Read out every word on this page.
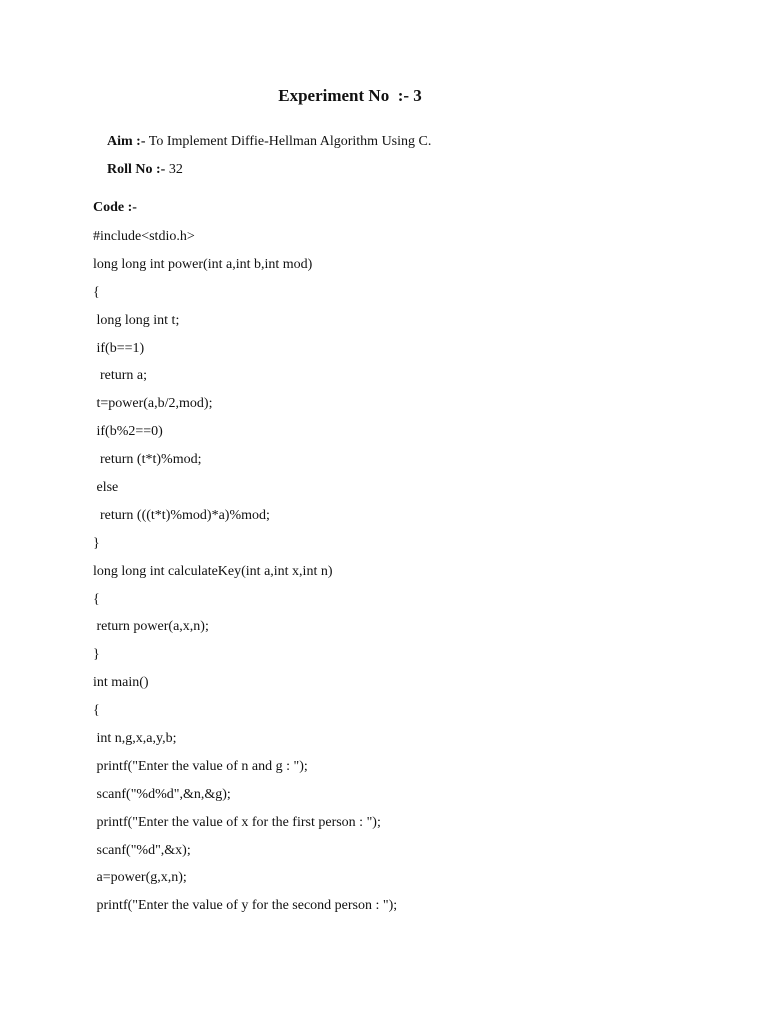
Experiment No  :- 3

Aim :- To Implement Diffie-Hellman Algorithm Using C.

Roll No :- 32

Code :-
#include<stdio.h>
long long int power(int a,int b,int mod)
{
long long int t;
if(b==1)
return a;
t=power(a,b/2,mod);
if(b%2==0)
return (t*t)%mod;
else
return (((t*t)%mod)*a)%mod;
}
long long int calculateKey(int a,int x,int n)
{
return power(a,x,n);
}
int main()
{
int n,g,x,a,y,b;
printf("Enter the value of n and g : ");
scanf("%d%d",&n,&g);
printf("Enter the value of x for the first person : ");
scanf("%d",&x);
a=power(g,x,n);
printf("Enter the value of y for the second person : ");
